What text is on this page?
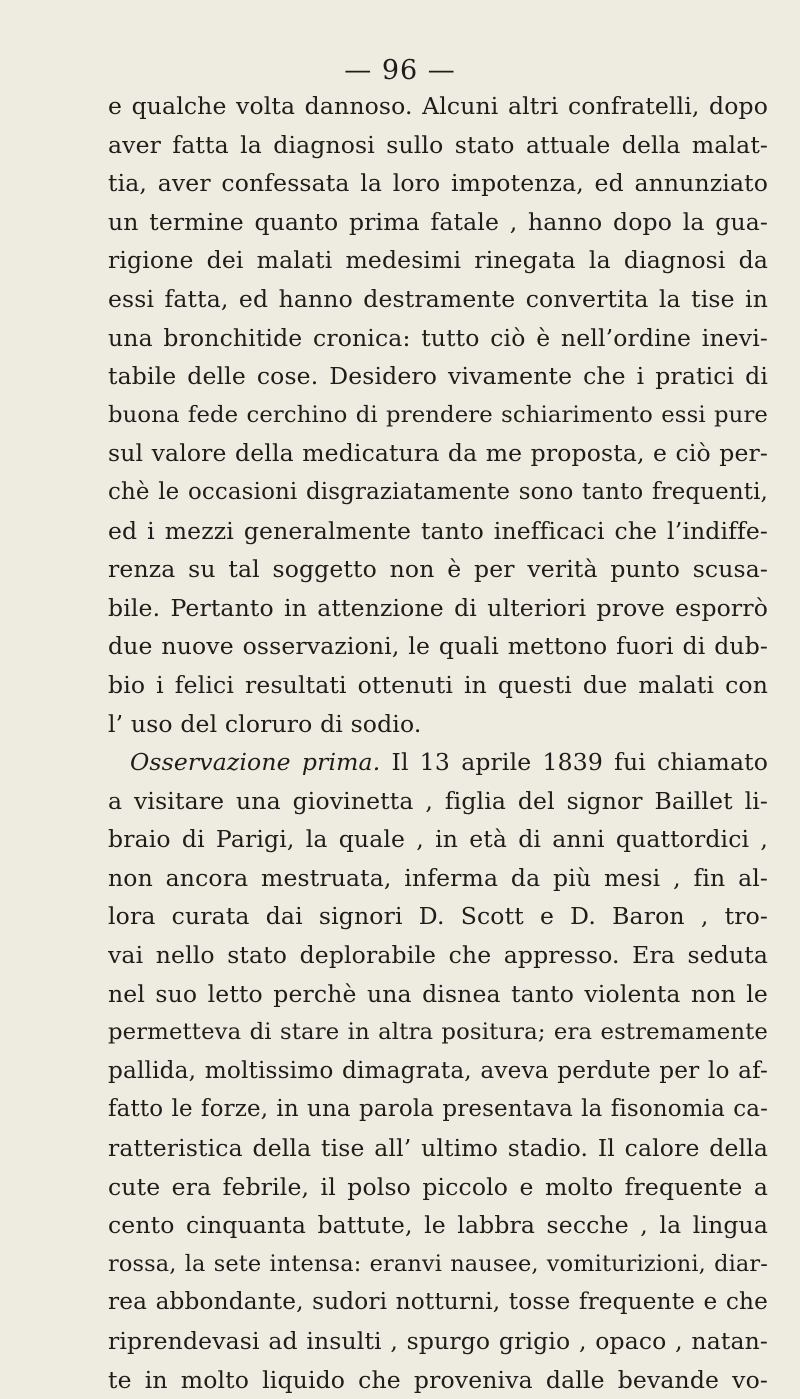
— 96 —
e qualche volta dannoso. Alcuni altri confratelli, dopo
aver fatta la diagnosi sullo stato attuale della malat-
tia, aver confessata la loro impotenza, ed annunziato
un termine quanto prima fatale , hanno dopo la gua-
rigione dei malati medesimi rinegata la diagnosi da
essi fatta, ed hanno destramente convertita la tise in
una bronchitide cronica: tutto ciò è nell’ordine inevi-
tabile delle cose. Desidero vivamente che i pratici di
buona fede cerchino di prendere schiarimento essi pure
sul valore della medicatura da me proposta, e ciò per-
chè le occasioni disgraziatamente sono tanto frequenti,
ed i mezzi generalmente tanto inefficaci che l’indiffe-
renza su tal soggetto non è per verità punto scusa-
bile. Pertanto in attenzione di ulteriori prove esporrò
due nuove osservazioni, le quali mettono fuori di dub-
bio i felici resultati ottenuti in questi due malati con
l’ uso del cloruro di sodio.
Osservazione prima. Il 13 aprile 1839 fui chiamato
a visitare una giovinetta , figlia del signor Baillet li-
braio di Parigi, la quale , in età di anni quattordici ,
non ancora mestruata, inferma da più mesi , fin al-
lora curata dai signori D. Scott e D. Baron , tro-
vai nello stato deplorabile che appresso. Era seduta
nel suo letto perchè una disnea tanto violenta non le
permetteva di stare in altra positura; era estremamente
pallida, moltissimo dimagrata, aveva perdute per lo af-
fatto le forze, in una parola presentava la fisonomia ca-
ratteristica della tise all’ ultimo stadio. Il calore della
cute era febrile, il polso piccolo e molto frequente a
cento cinquanta battute, le labbra secche , la lingua
rossa, la sete intensa: eranvi nausee, vomiturizioni, diar-
rea abbondante, sudori notturni, tosse frequente e che
riprendevasi ad insulti , spurgo grigio , opaco , natan-
te in molto liquido che proveniva dalle bevande vo-
